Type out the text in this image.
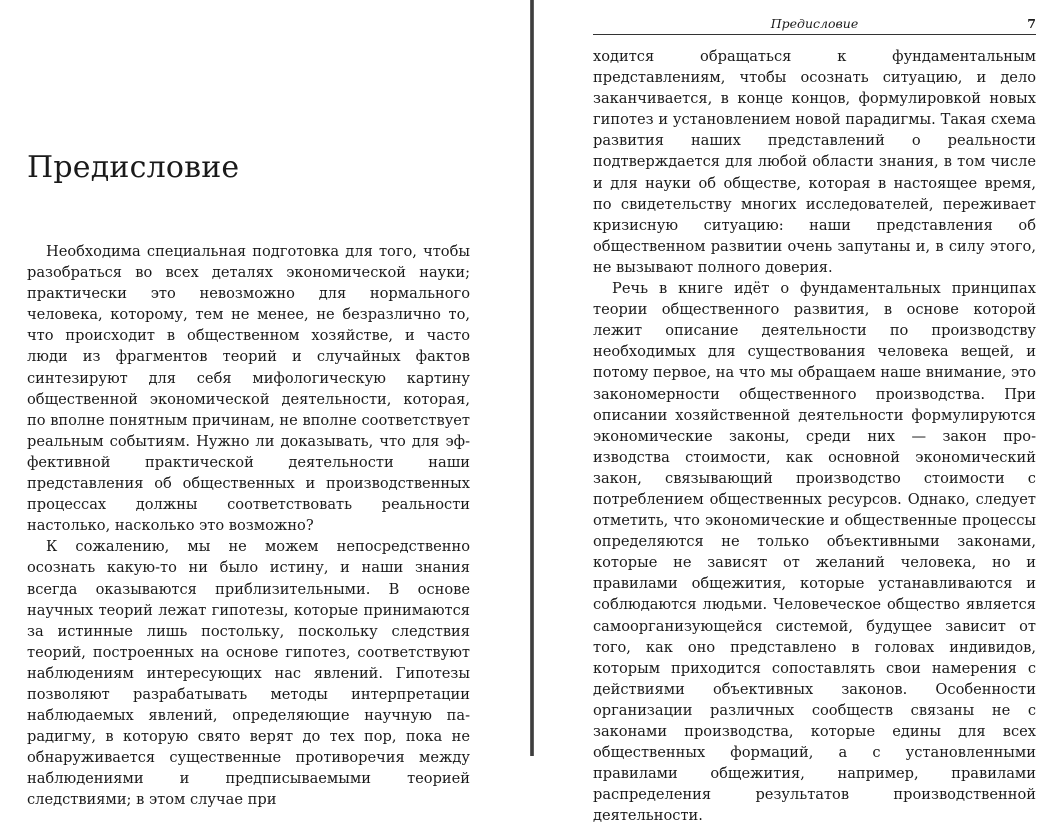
Предисловие

Необходима специальная подготовка для того, чтобы разобраться во всех деталях экономической науки; практически это невозможно для нормального человека, которому, тем не менее, не безразлично то, что происходит в общественном хозяйстве, и часто люди из фрагментов теорий и случайных фактов синтезируют для себя мифологическую картину общественной экономической деятельности, которая, по вполне понятным причинам, не вполне соответствует реальным событиям. Нужно ли доказывать, что для эффективной практической деятельности наши представления об общественных и производственных процессах должны соответствовать реальности настолько, насколько это возможно?

К сожалению, мы не можем непосредственно осознать какую-то ни было истину, и наши знания всегда оказываются приблизительными. В основе научных теорий лежат гипотезы, которые принимаются за истинные лишь постольку, поскольку следствия теорий, построенных на основе гипотез, соответствуют наблюдениям интересующих нас явлений. Гипотезы позволяют разрабатывать методы интерпретации наблюдаемых явлений, определяющие научную парадигму, в которую свято верят до тех пор, пока не обнаруживается существенные противоречия между наблюдениями и предписываемыми теорией следствиями; в этом случае при

Предисловие	7

ходится обращаться к фундаментальным представлениям, чтобы осознать ситуацию, и дело заканчивается, в конце концов, формулировкой новых гипотез и установлением новой парадигмы. Такая схема развития наших представлений о реальности подтверждается для любой области знания, в том числе и для науки об обществе, которая в настоящее время, по свидетельству многих исследователей, переживает кризисную ситуацию: наши представления об общественном развитии очень запутаны и, в силу этого, не вызывают полного доверия.

Речь в книге идёт о фундаментальных принципах теории общественного развития, в основе которой лежит описание деятельности по производству необходимых для существования человека вещей, и потому первое, на что мы обращаем наше внимание, это закономерности общественного производства. При описании хозяйственной деятельности формулируются экономические законы, среди них — закон производства стоимости, как основной экономический закон, связывающий производство стоимости с потреблением общественных ресурсов. Однако, следует отметить, что экономические и общественные процессы определяются не только объективными законами, которые не зависят от желаний человека, но и правилами общежития, которые устанавливаются и соблюдаются людьми. Человеческое общество является самоорганизующейся системой, будущее зависит от того, как оно представлено в головах индивидов, которым приходится сопоставлять свои намерения с действиями объективных законов. Особенности организации различных сообществ связаны не с законами производства, которые едины для всех общественных формаций, а с установленными правилами общежития, например, правилами распределения результатов производственной деятельности.
